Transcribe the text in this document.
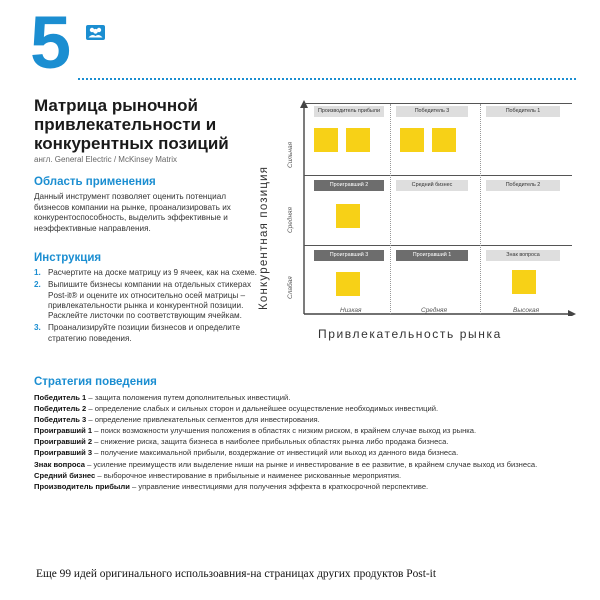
5
Матрица рыночной привлекательности и конкурентных позиций
англ. General Electric / McKinsey Matrix
Область применения
Данный инструмент позволяет оценить потенциал бизнесов компании на рынке, проанализировать их конкурентоспособность, выделить эффективные и неэффективные направления.
Инструкция
1. Расчертите на доске матрицу из 9 ячеек, как на схеме.
2. Выпишите бизнесы компании на отдельных стикерах Post-it® и оцените их относительно осей матрицы – привлекательности рынка и конкурентной позиции. Расклейте листочки по соответствующим ячейкам.
3. Проанализируйте позиции бизнесов и определите стратегию поведения.
Конкурентная позиция
Сильная
Средняя
Слабая
Низкая	Средняя	Высокая
Привлекательность рынка
Производитель прибыли	Победитель 3	Победитель 1
Проигравший 2	Средний бизнес	Победитель 2
Проигравший 3	Проигравший 1	Знак вопроса
Стратегия поведения

Победитель 1 – защита положения путем дополнительных инвестиций.

Победитель 2 – определение слабых и сильных сторон и дальнейшее осуществление необходимых инвестиций.

Победитель 3 – определение привлекательных сегментов для инвестирования.

Проигравший 1 – поиск возможности улучшения положения в областях с низким риском, в крайнем случае выход из рынка.

Проигравший 2 – снижение риска, защита бизнеса в наиболее прибыльных областях рынка либо продажа бизнеса.

Проигравший 3 – получение максимальной прибыли, воздержание от инвестиций или выход из данного вида бизнеса.

Знак вопроса – усиление преимуществ или выделение ниши на рынке и инвестирование в ее развитие, в крайнем случае выход из бизнеса.

Средний бизнес – выборочное инвестирование в прибыльные и наименее рискованные мероприятия.

Производитель прибыли – управление инвестициями для получения эффекта в краткосрочной перспективе.

Еще 99 идей оригинального использоавния-на страницах других продуктов Post-it
